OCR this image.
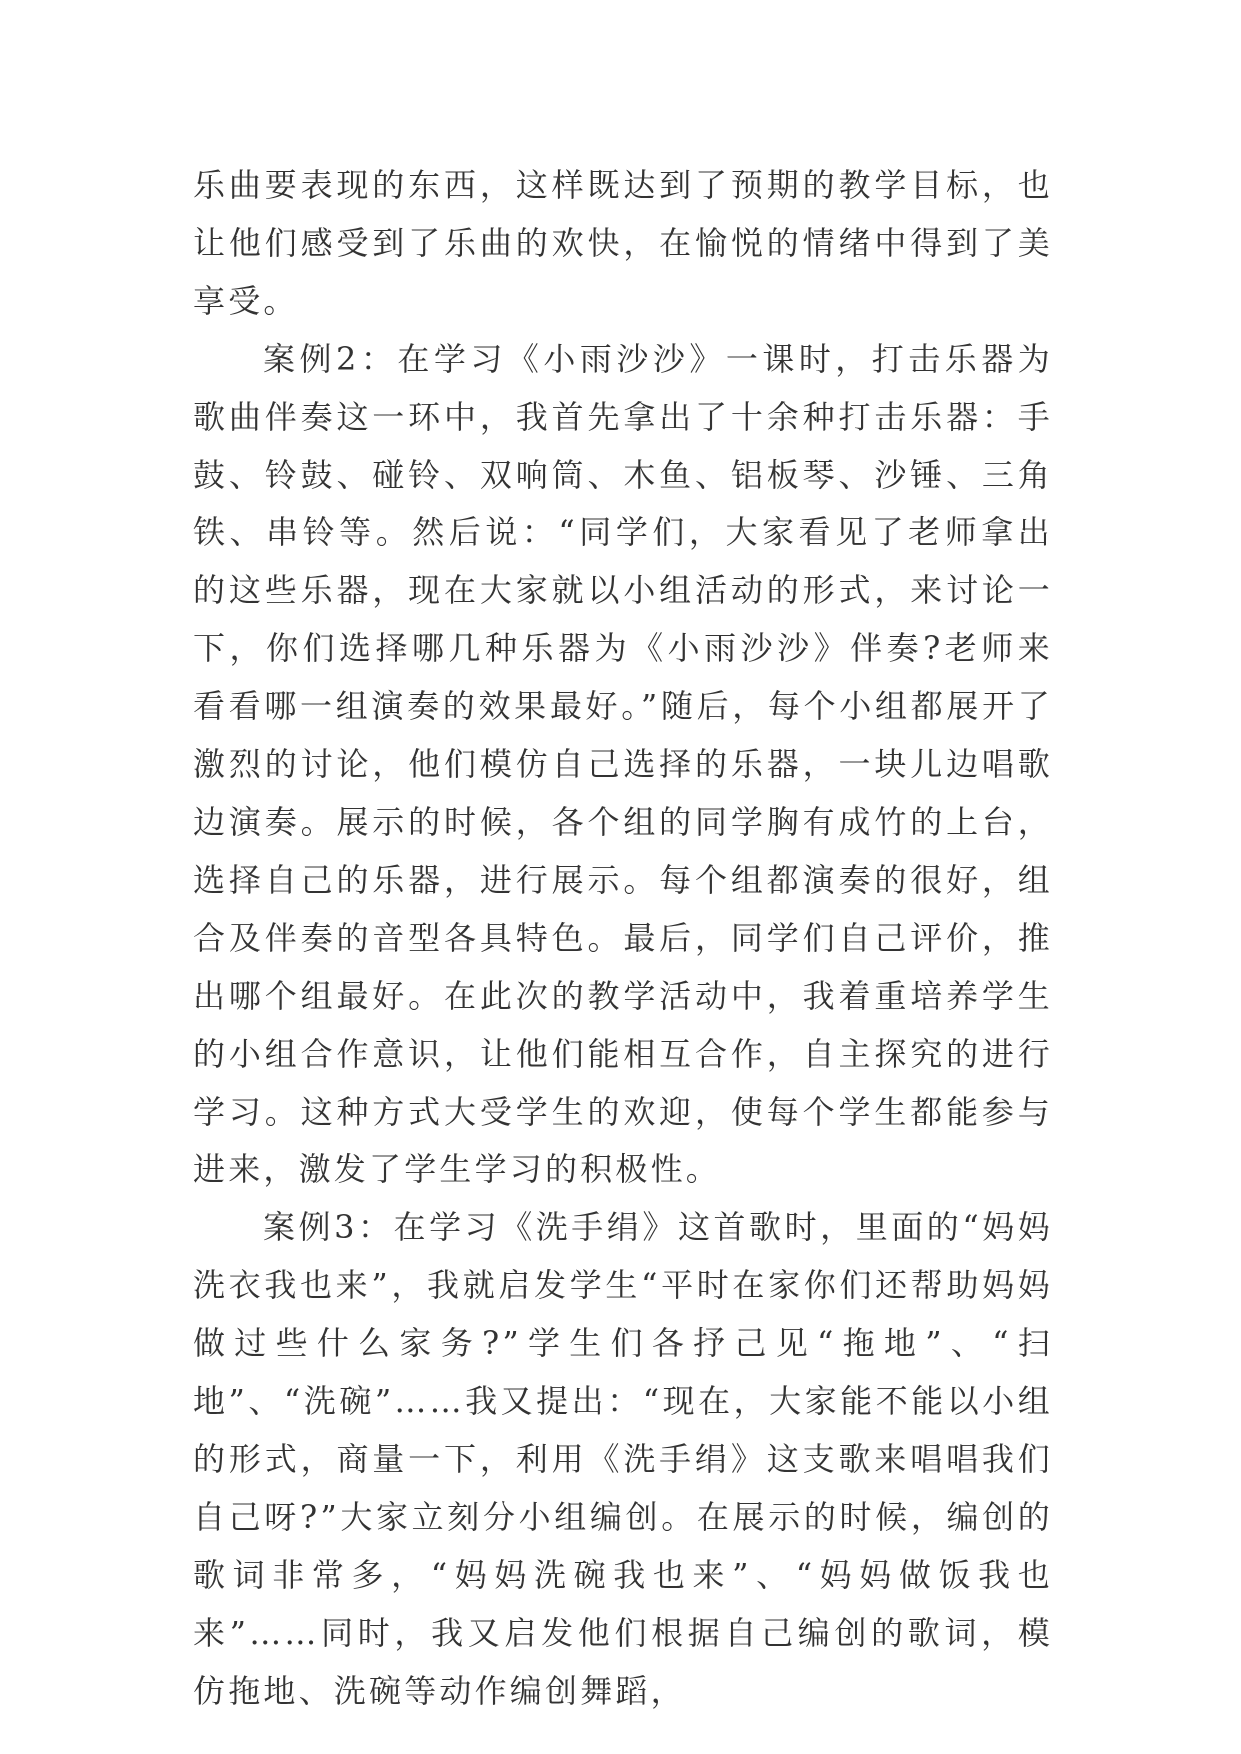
乐曲要表现的东西，这样既达到了预期的教学目标，也让他们感受到了乐曲的欢快，在愉悦的情绪中得到了美享受。

案例2：在学习《小雨沙沙》一课时，打击乐器为歌曲伴奏这一环中，我首先拿出了十余种打击乐器：手鼓、铃鼓、碰铃、双响筒、木鱼、铝板琴、沙锤、三角铁、串铃等。然后说：“同学们，大家看见了老师拿出的这些乐器，现在大家就以小组活动的形式，来讨论一下，你们选择哪几种乐器为《小雨沙沙》伴奏?老师来看看哪一组演奏的效果最好。”随后，每个小组都展开了激烈的讨论，他们模仿自己选择的乐器，一块儿边唱歌边演奏。展示的时候，各个组的同学胸有成竹的上台，选择自己的乐器，进行展示。每个组都演奏的很好，组合及伴奏的音型各具特色。最后，同学们自己评价，推出哪个组最好。在此次的教学活动中，我着重培养学生的小组合作意识，让他们能相互合作，自主探究的进行学习。这种方式大受学生的欢迎，使每个学生都能参与进来，激发了学生学习的积极性。

案例3：在学习《洗手绢》这首歌时，里面的“妈妈洗衣我也来”，我就启发学生“平时在家你们还帮助妈妈做过些什么家务?”学生们各抒己见“拖地”、“扫地”、“洗碗”……我又提出：“现在，大家能不能以小组的形式，商量一下，利用《洗手绢》这支歌来唱唱我们自己呀?”大家立刻分小组编创。在展示的时候，编创的歌词非常多，“妈妈洗碗我也来”、“妈妈做饭我也来”……同时，我又启发他们根据自己编创的歌词，模仿拖地、洗碗等动作编创舞蹈，
